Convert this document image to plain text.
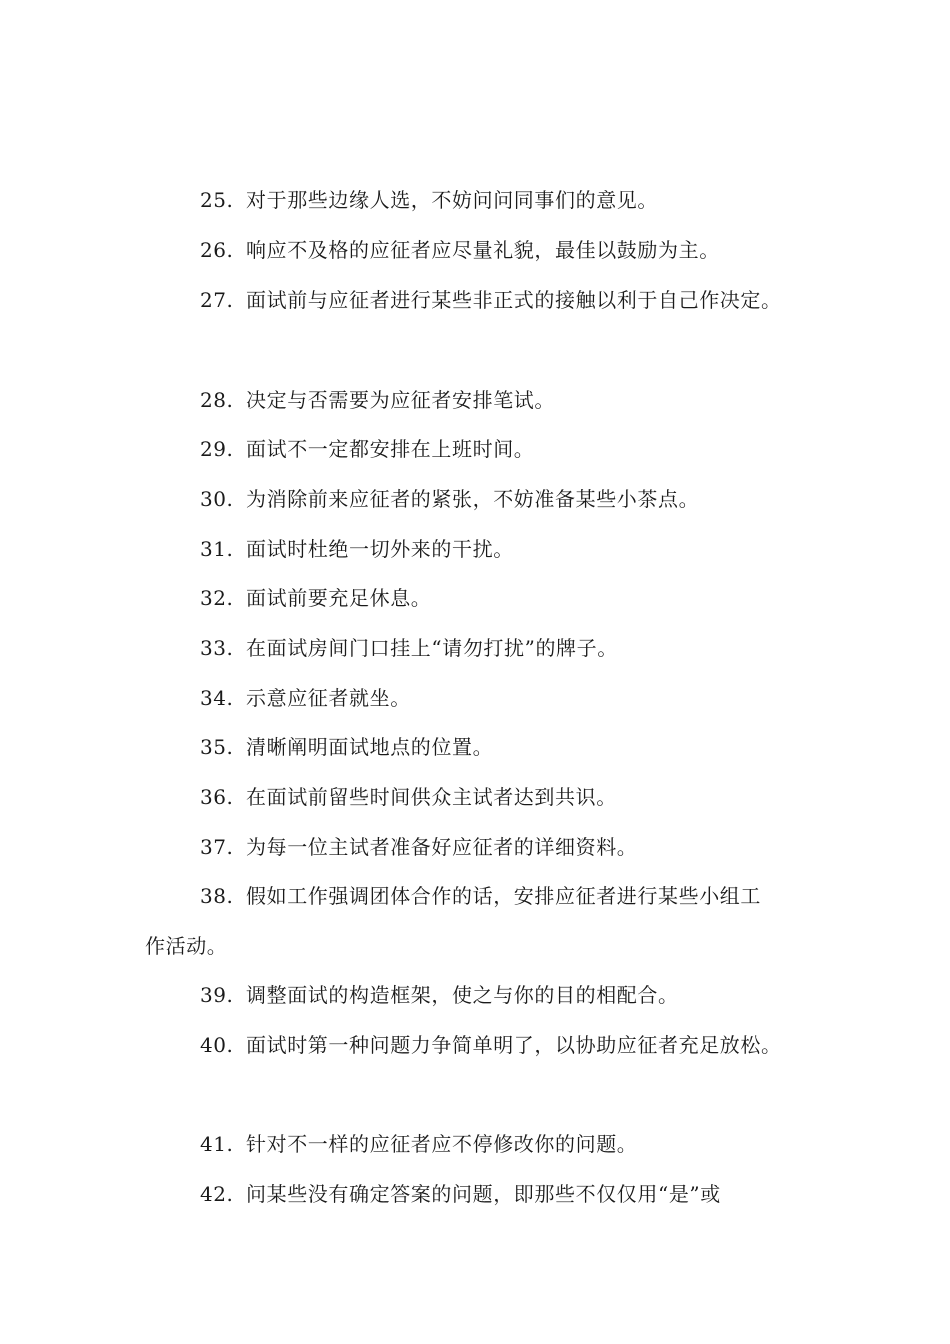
25. 对于那些边缘人选，不妨问问同事们的意见。
26. 响应不及格的应征者应尽量礼貌，最佳以鼓励为主。
27. 面试前与应征者进行某些非正式的接触以利于自己作决定。
28. 决定与否需要为应征者安排笔试。
29. 面试不一定都安排在上班时间。
30. 为消除前来应征者的紧张，不妨准备某些小茶点。
31. 面试时杜绝一切外来的干扰。
32. 面试前要充足休息。
33. 在面试房间门口挂上“请勿打扰”的牌子。
34. 示意应征者就坐。
35. 清晰阐明面试地点的位置。
36. 在面试前留些时间供众主试者达到共识。
37. 为每一位主试者准备好应征者的详细资料。
38. 假如工作强调团体合作的话，安排应征者进行某些小组工
作活动。
39. 调整面试的构造框架，使之与你的目的相配合。
40. 面试时第一种问题力争简单明了，以协助应征者充足放松。
41. 针对不一样的应征者应不停修改你的问题。
42. 问某些没有确定答案的问题，即那些不仅仅用“是”或
